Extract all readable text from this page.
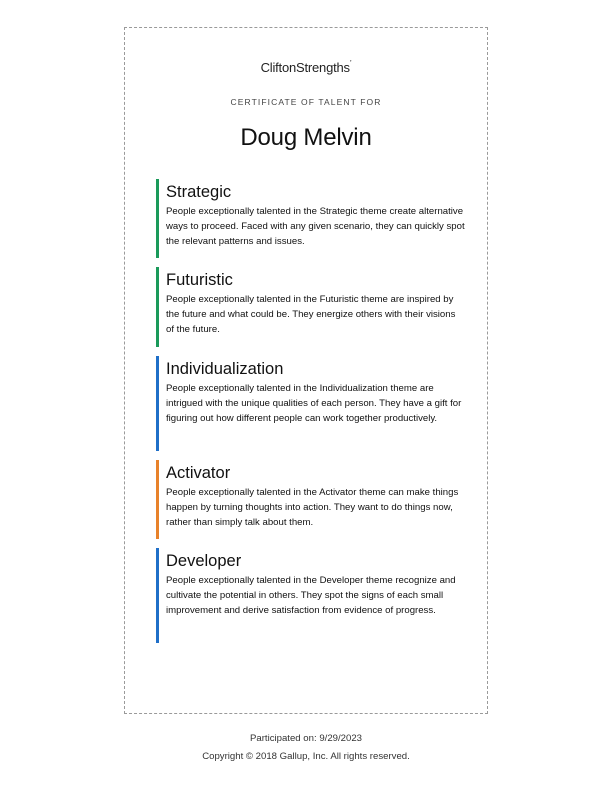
CliftonStrengths’
CERTIFICATE OF TALENT FOR
Doug Melvin
Strategic
People exceptionally talented in the Strategic theme create alternative ways to proceed. Faced with any given scenario, they can quickly spot the relevant patterns and issues.
Futuristic
People exceptionally talented in the Futuristic theme are inspired by the future and what could be. They energize others with their visions of the future.
Individualization
People exceptionally talented in the Individualization theme are intrigued with the unique qualities of each person. They have a gift for figuring out how different people can work together productively.
Activator
People exceptionally talented in the Activator theme can make things happen by turning thoughts into action. They want to do things now, rather than simply talk about them.
Developer
People exceptionally talented in the Developer theme recognize and cultivate the potential in others. They spot the signs of each small improvement and derive satisfaction from evidence of progress.
Participated on: 9/29/2023
Copyright © 2018 Gallup, Inc. All rights reserved.
